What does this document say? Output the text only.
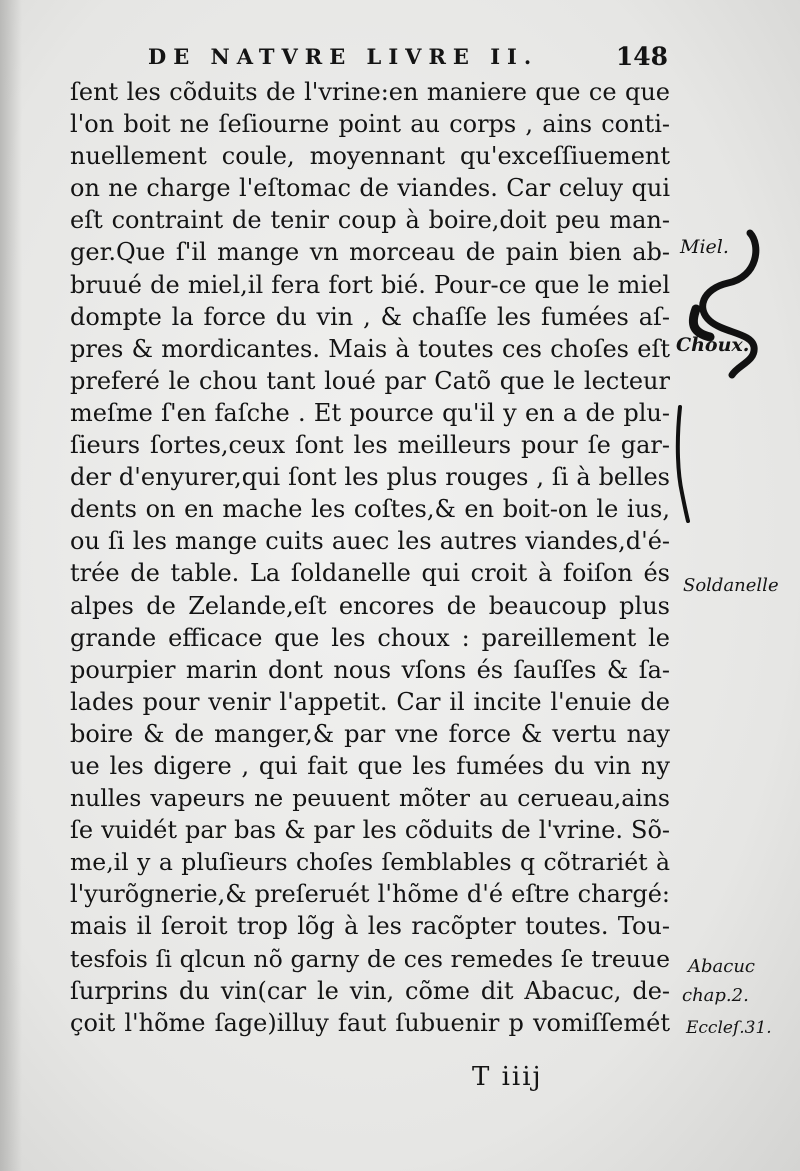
DE NATVRE LIVRE II.	148
ſent les cõduits de l'vrine:en maniere que ce que
l'on boit ne ſeſiourne point au corps , ains conti-
nuellement coule, moyennant qu'exceſſiuement
on ne charge l'eſtomac de viandes. Car celuy qui
eſt contraint de tenir coup à boire,doit peu man-
ger.Que ſ'il mange vn morceau de pain bien ab-
bruué de miel,il fera fort bié. Pour-ce que le miel
dompte la force du vin , & chaſſe les fumées aſ-
pres & mordicantes. Mais à toutes ces choſes eſt
preferé le chou tant loué par Catõ que le lecteur
meſme ſ'en faſche . Et pource qu'il y en a de plu-
ſieurs ſortes,ceux ſont les meilleurs pour ſe gar-
der d'enyurer,qui ſont les plus rouges , ſi à belles
dents on en mache les coſtes,& en boit-on le ius,
ou ſi les mange cuits auec les autres viandes,d'é-
trée de table. La ſoldanelle qui croit à foiſon és
alpes de Zelande,eſt encores de beaucoup plus
grande efficace que les choux : pareillement le
pourpier marin dont nous vſons és ſauſſes & ſa-
lades pour venir l'appetit. Car il incite l'enuie de
boire & de manger,& par vne force & vertu nay
ue les digere , qui fait que les fumées du vin ny
nulles vapeurs ne peuuent mõter au cerueau,ains
ſe vuidét par bas & par les cõduits de l'vrine. Sõ-
me,il y a pluſieurs choſes ſemblables q cõtrariét à
l'yurõgnerie,& preſeruét l'hõme d'é eſtre chargé:
mais il ſeroit trop lõg à les racõpter toutes. Tou-
tesfois ſi qlcun nõ garny de ces remedes ſe treuue
ſurprins du vin(car le vin, cõme dit Abacuc, de-
çoit l'hõme ſage)illuy faut ſubuenir p vomiſſemét
Miel.
Choux.
Soldanelle
Abacuc
chap.2.
Eccleſ.31.
T iiij
